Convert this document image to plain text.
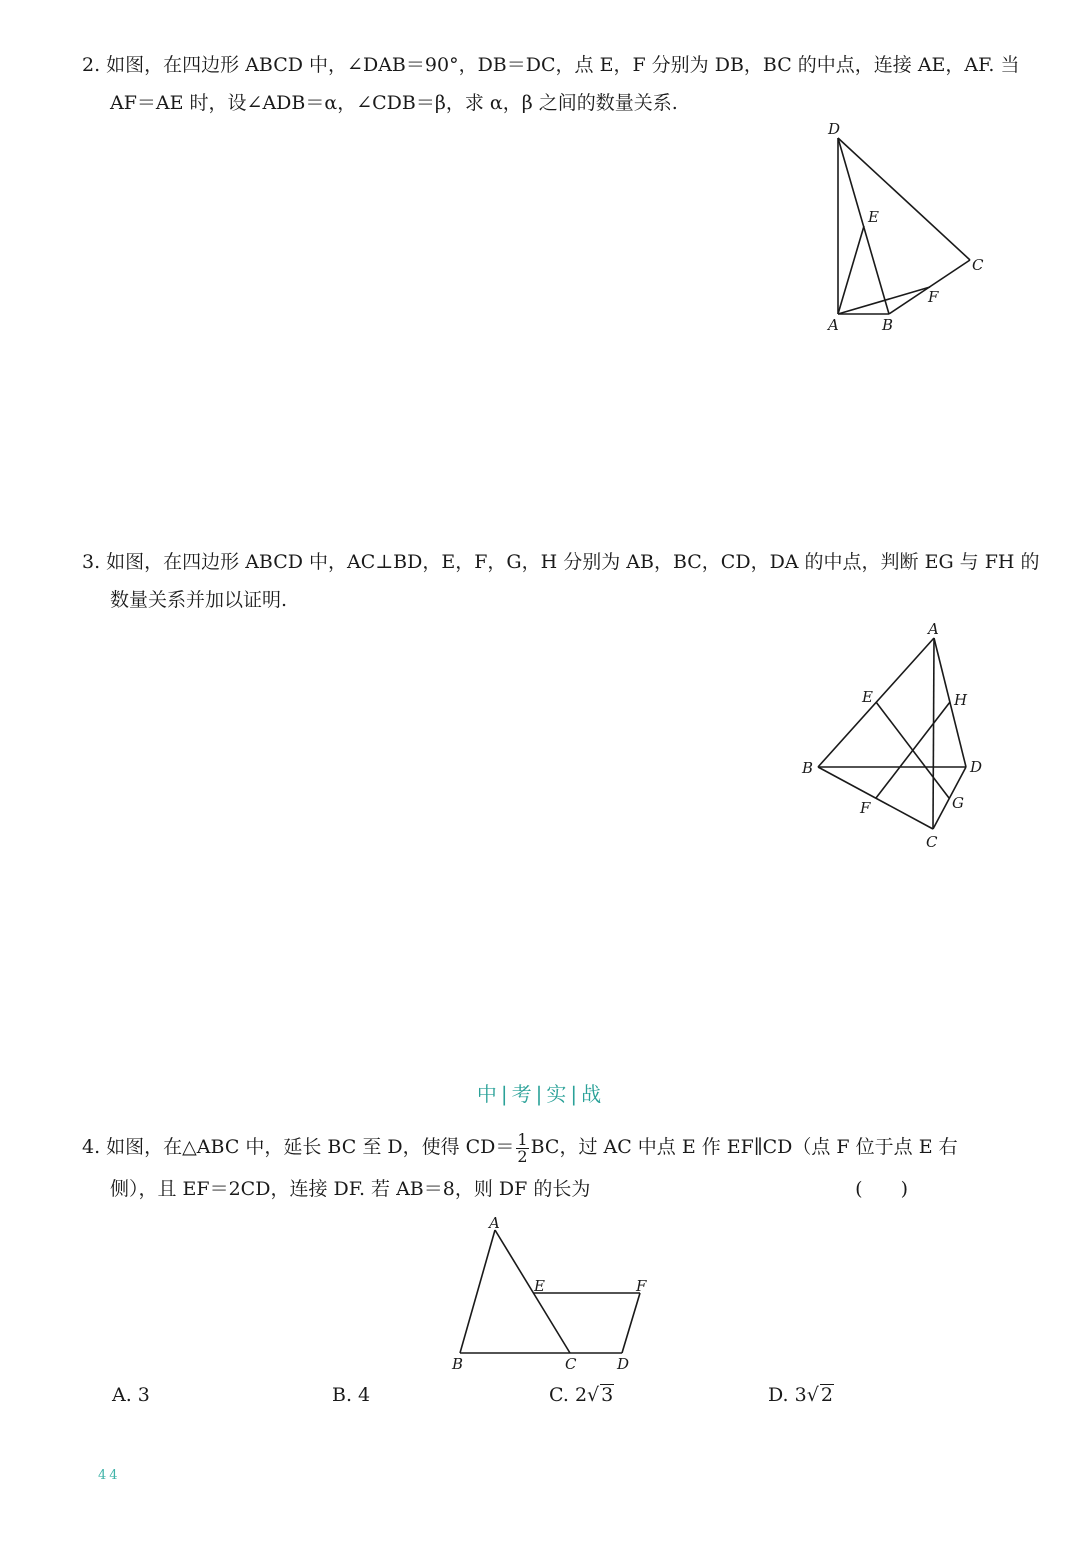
2. 如图，在四边形 ABCD 中，∠DAB＝90°，DB＝DC，点 E，F 分别为 DB，BC 的中点，连接 AE，AF. 当
AF＝AE 时，设∠ADB＝α，∠CDB＝β，求 α，β 之间的数量关系.
D
E
C
F
A	B
3. 如图，在四边形 ABCD 中，AC⊥BD，E，F，G，H 分别为 AB，BC，CD，DA 的中点，判断 EG 与 FH 的
数量关系并加以证明.
A
E	H
B	D
F	G
C
中 | 考 | 实 | 战
4. 如图，在△ABC 中，延长 BC 至 D，使得 $CD= \frac{1}{2}$ BC，过 AC 中点 E 作 EF∥CD（点 F 位于点 E 右
侧），且 EF＝2CD，连接 DF. 若 AB＝8，则 DF 的长为	(　　)
A
E	F
B	C	D
A. 3	B. 4	C. 2√ 3	D. 3√ 2
44
